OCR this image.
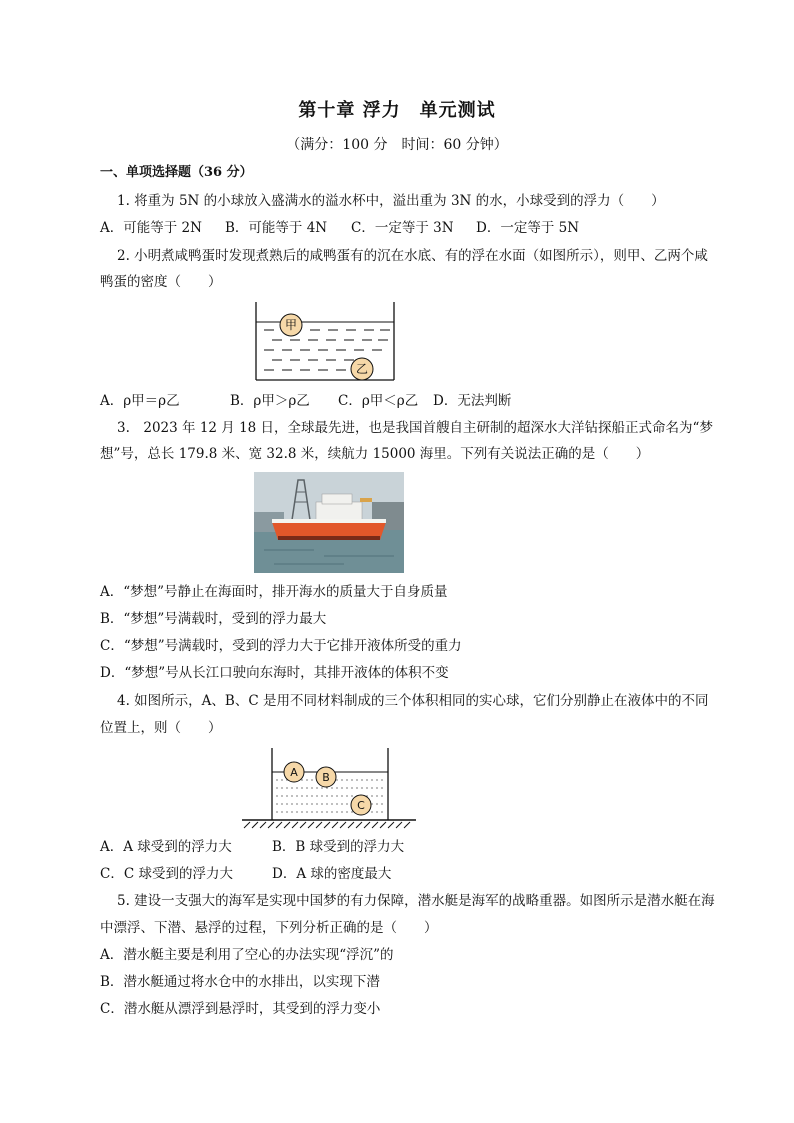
第十章 浮力　单元测试
（满分：100 分　时间：60 分钟）
一、单项选择题（36 分）
1. 将重为 5N 的小球放入盛满水的溢水杯中，溢出重为 3N 的水，小球受到的浮力（　　）
A．可能等于 2N B．可能等于 4N C．一定等于 3N D．一定等于 5N
2. 小明煮咸鸭蛋时发现煮熟后的咸鸭蛋有的沉在水底、有的浮在水面（如图所示），则甲、乙两个咸
鸭蛋的密度（　　）
甲
乙
A．ρ甲＝ρ乙	B．ρ甲＞ρ乙 C．ρ甲＜ρ乙 D．无法判断
3.　2023 年 12 月 18 日，全球最先进，也是我国首艘自主研制的超深水大洋钻探船正式命名为“梦
想”号，总长 179.8 米、宽 32.8 米，续航力 15000 海里。下列有关说法正确的是（　　）
A．“梦想”号静止在海面时，排开海水的质量大于自身质量
B．“梦想”号满载时，受到的浮力最大
C．“梦想”号满载时，受到的浮力大于它排开液体所受的重力
D．“梦想”号从长江口驶向东海时，其排开液体的体积不变
4. 如图所示，A、B、C 是用不同材料制成的三个体积相同的实心球，它们分别静止在液体中的不同
位置上，则（　　）
A B
C
A．A 球受到的浮力大	B．B 球受到的浮力大
C．C 球受到的浮力大	D．A 球的密度最大
5. 建设一支强大的海军是实现中国梦的有力保障，潜水艇是海军的战略重器。如图所示是潜水艇在海
中漂浮、下潜、悬浮的过程，下列分析正确的是（　　）
A．潜水艇主要是利用了空心的办法实现“浮沉”的
B．潜水艇通过将水仓中的水排出，以实现下潜
C．潜水艇从漂浮到悬浮时，其受到的浮力变小
